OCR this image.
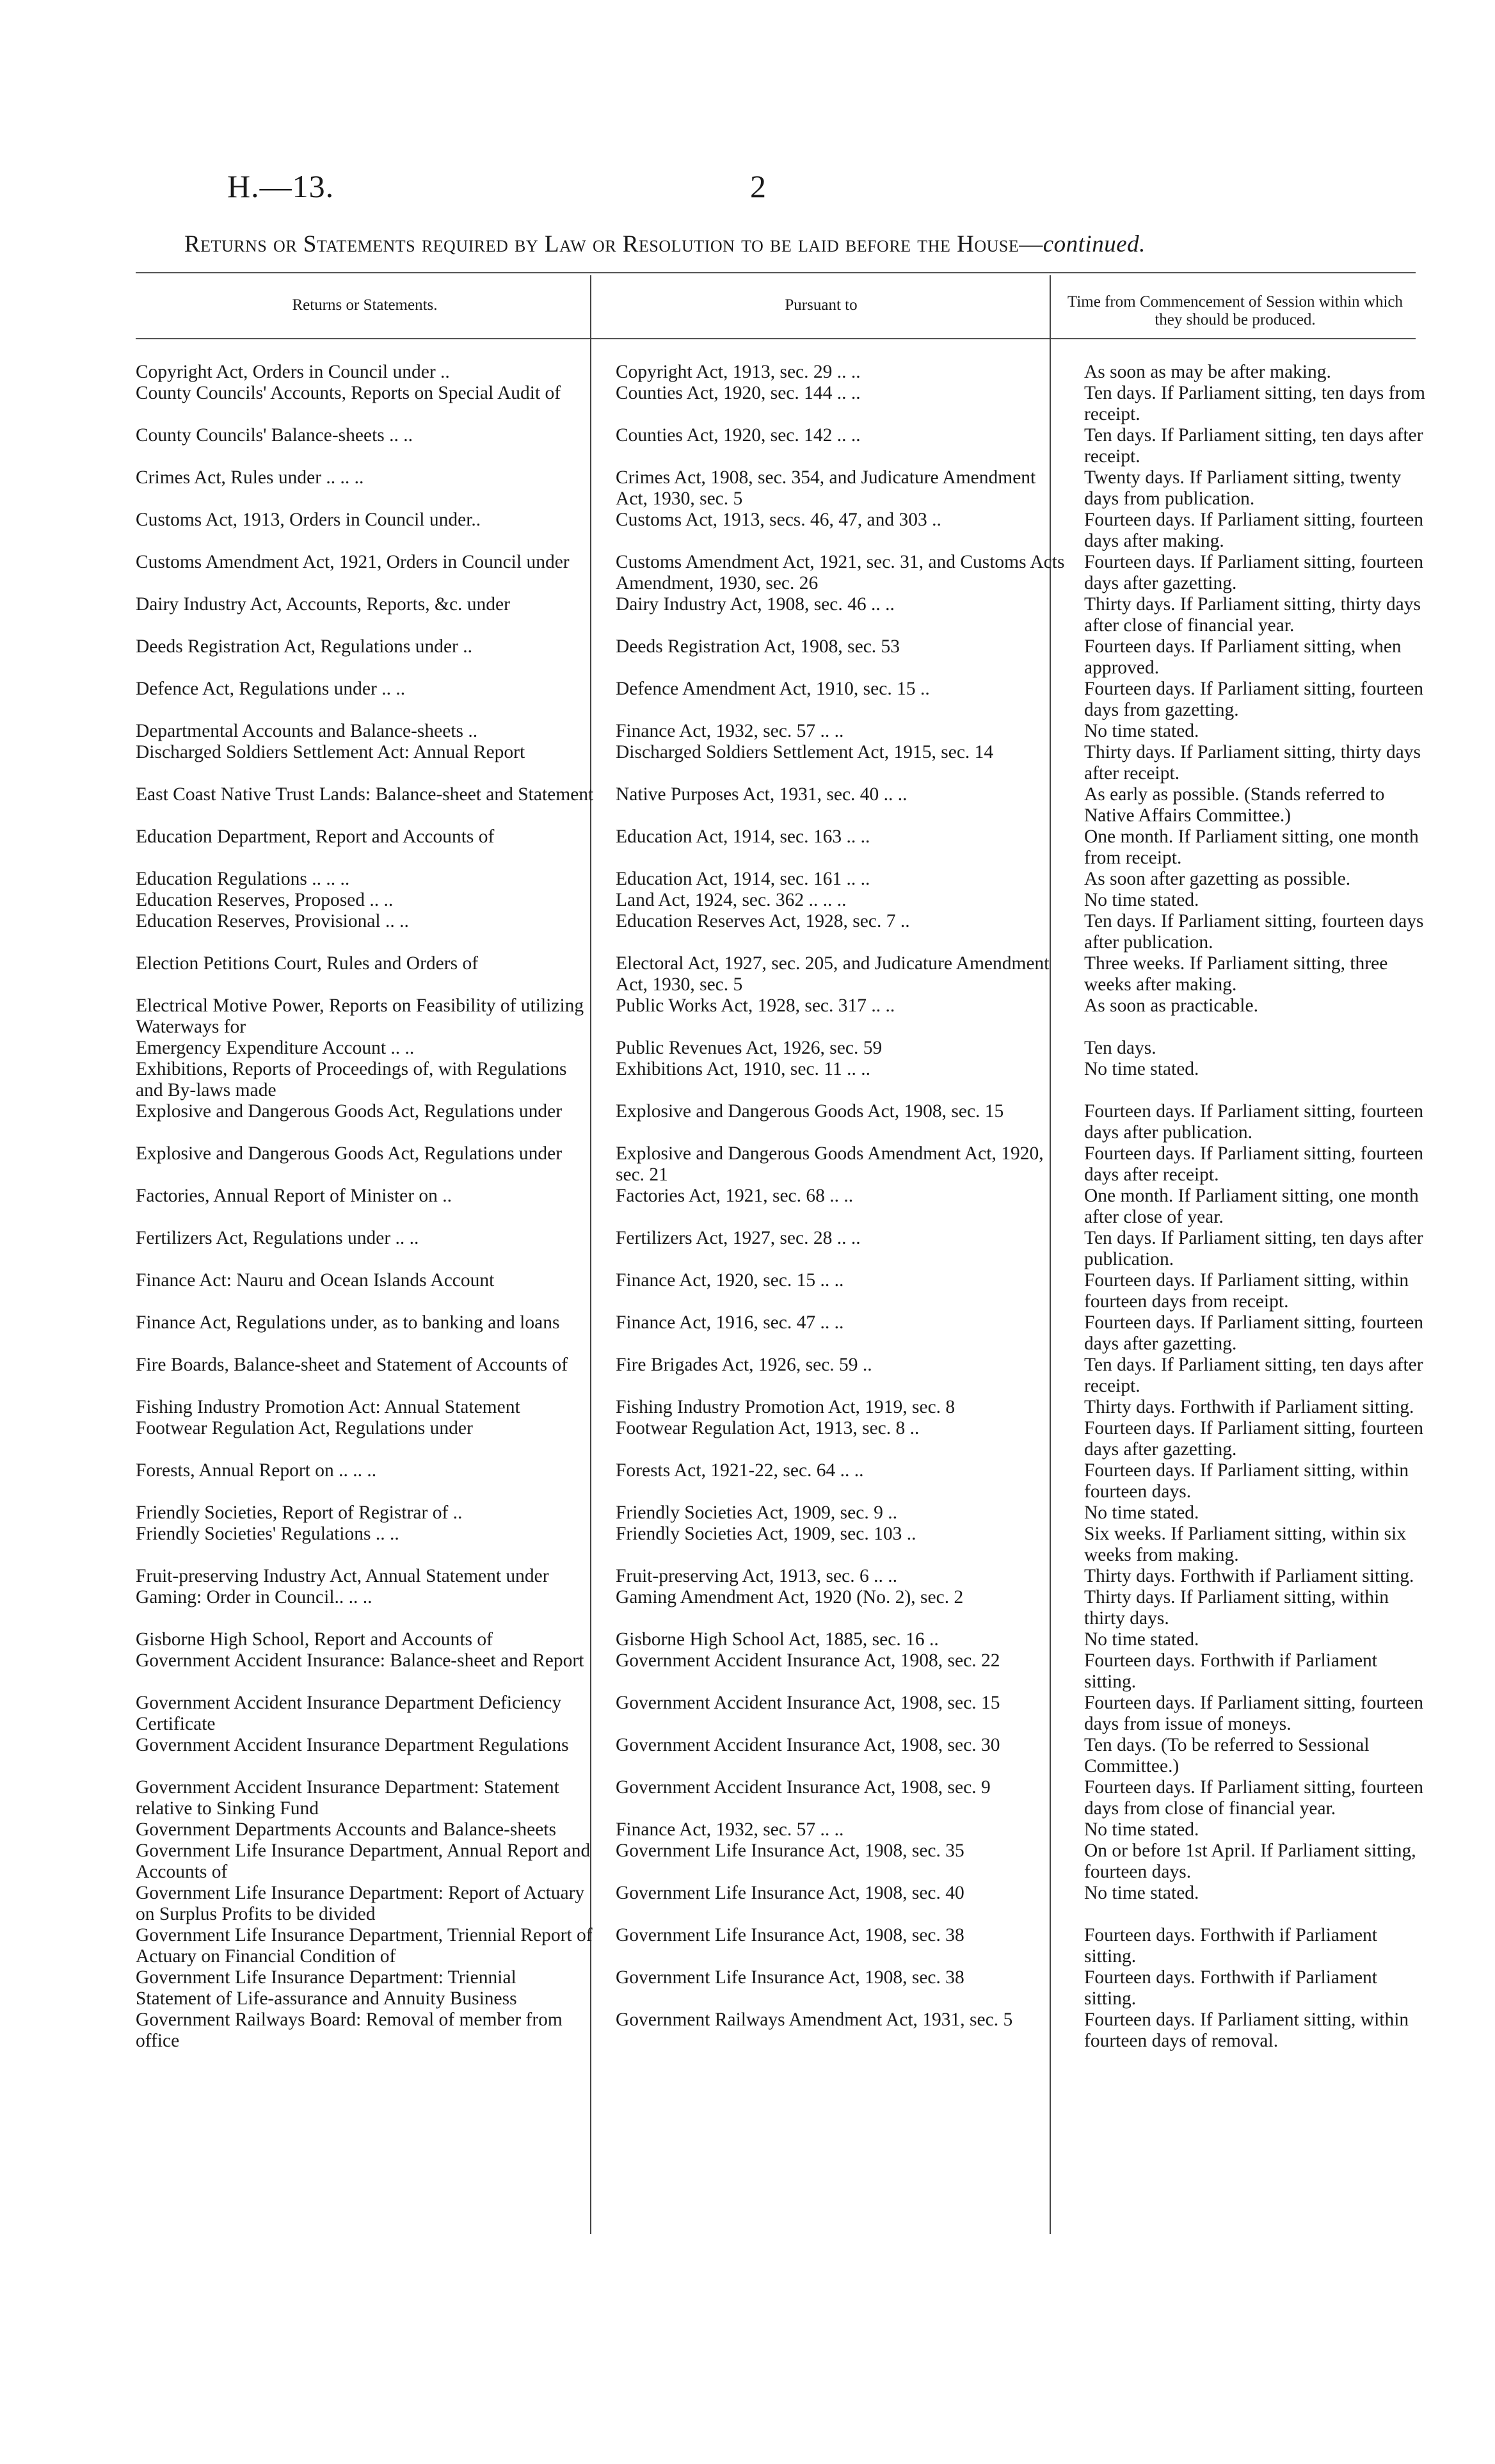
H.—13.	2
Returns or Statements required by Law or Resolution to be laid before the House—continued.
Returns or Statements.	Pursuant to	Time from Commencement of Session within which they should be produced.
Copyright Act, Orders in Council under ..	Copyright Act, 1913, sec. 29 .. ..	As soon as may be after making.

County Councils' Accounts, Reports on Special Audit of	Counties Act, 1920, sec. 144 .. ..	Ten days. If Parliament sitting, ten days from receipt.

County Councils' Balance-sheets .. ..	Counties Act, 1920, sec. 142 .. ..	Ten days. If Parliament sitting, ten days after receipt.

Crimes Act, Rules under .. .. ..	Crimes Act, 1908, sec. 354, and Judicature Amendment Act, 1930, sec. 5	Twenty days. If Parliament sitting, twenty days from publication.

Customs Act, 1913, Orders in Council under..	Customs Act, 1913, secs. 46, 47, and 303 ..	Fourteen days. If Parliament sitting, fourteen days after making.

Customs Amendment Act, 1921, Orders in Council under	Customs Amendment Act, 1921, sec. 31, and Customs Acts Amendment, 1930, sec. 26	Fourteen days. If Parliament sitting, fourteen days after gazetting.

Dairy Industry Act, Accounts, Reports, &c. under	Dairy Industry Act, 1908, sec. 46 .. ..	Thirty days. If Parliament sitting, thirty days after close of financial year.

Deeds Registration Act, Regulations under ..	Deeds Registration Act, 1908, sec. 53	Fourteen days. If Parliament sitting, when approved.

Defence Act, Regulations under .. ..	Defence Amendment Act, 1910, sec. 15 ..	Fourteen days. If Parliament sitting, fourteen days from gazetting.

Departmental Accounts and Balance-sheets ..	Finance Act, 1932, sec. 57 .. ..	No time stated.

Discharged Soldiers Settlement Act: Annual Report	Discharged Soldiers Settlement Act, 1915, sec. 14	Thirty days. If Parliament sitting, thirty days after receipt.

East Coast Native Trust Lands: Balance-sheet and Statement	Native Purposes Act, 1931, sec. 40 .. ..	As early as possible. (Stands referred to Native Affairs Committee.)

Education Department, Report and Accounts of	Education Act, 1914, sec. 163 .. ..	One month. If Parliament sitting, one month from receipt.

Education Regulations .. .. ..	Education Act, 1914, sec. 161 .. ..	As soon after gazetting as possible.

Education Reserves, Proposed .. ..	Land Act, 1924, sec. 362 .. .. ..	No time stated.

Education Reserves, Provisional .. ..	Education Reserves Act, 1928, sec. 7 ..	Ten days. If Parliament sitting, fourteen days after publication.

Election Petitions Court, Rules and Orders of	Electoral Act, 1927, sec. 205, and Judicature Amendment Act, 1930, sec. 5	Three weeks. If Parliament sitting, three weeks after making.

Electrical Motive Power, Reports on Feasibility of utilizing Waterways for	Public Works Act, 1928, sec. 317 .. ..	As soon as practicable.

Emergency Expenditure Account .. ..	Public Revenues Act, 1926, sec. 59	Ten days.

Exhibitions, Reports of Proceedings of, with Regulations and By-laws made	Exhibitions Act, 1910, sec. 11 .. ..	No time stated.

Explosive and Dangerous Goods Act, Regulations under	Explosive and Dangerous Goods Act, 1908, sec. 15	Fourteen days. If Parliament sitting, fourteen days after publication.

Explosive and Dangerous Goods Act, Regulations under	Explosive and Dangerous Goods Amendment Act, 1920, sec. 21	Fourteen days. If Parliament sitting, fourteen days after receipt.

Factories, Annual Report of Minister on ..	Factories Act, 1921, sec. 68 .. ..	One month. If Parliament sitting, one month after close of year.

Fertilizers Act, Regulations under .. ..	Fertilizers Act, 1927, sec. 28 .. ..	Ten days. If Parliament sitting, ten days after publication.

Finance Act: Nauru and Ocean Islands Account	Finance Act, 1920, sec. 15 .. ..	Fourteen days. If Parliament sitting, within fourteen days from receipt.

Finance Act, Regulations under, as to banking and loans	Finance Act, 1916, sec. 47 .. ..	Fourteen days. If Parliament sitting, fourteen days after gazetting.

Fire Boards, Balance-sheet and Statement of Accounts of	Fire Brigades Act, 1926, sec. 59 ..	Ten days. If Parliament sitting, ten days after receipt.

Fishing Industry Promotion Act: Annual Statement	Fishing Industry Promotion Act, 1919, sec. 8	Thirty days. Forthwith if Parliament sitting.

Footwear Regulation Act, Regulations under	Footwear Regulation Act, 1913, sec. 8 ..	Fourteen days. If Parliament sitting, fourteen days after gazetting.

Forests, Annual Report on .. .. ..	Forests Act, 1921-22, sec. 64 .. ..	Fourteen days. If Parliament sitting, within fourteen days.

Friendly Societies, Report of Registrar of ..	Friendly Societies Act, 1909, sec. 9 ..	No time stated.

Friendly Societies' Regulations .. ..	Friendly Societies Act, 1909, sec. 103 ..	Six weeks. If Parliament sitting, within six weeks from making.

Fruit-preserving Industry Act, Annual Statement under	Fruit-preserving Act, 1913, sec. 6 .. ..	Thirty days. Forthwith if Parliament sitting.

Gaming: Order in Council.. .. ..	Gaming Amendment Act, 1920 (No. 2), sec. 2	Thirty days. If Parliament sitting, within thirty days.

Gisborne High School, Report and Accounts of	Gisborne High School Act, 1885, sec. 16 ..	No time stated.

Government Accident Insurance: Balance-sheet and Report	Government Accident Insurance Act, 1908, sec. 22	Fourteen days. Forthwith if Parliament sitting.

Government Accident Insurance Department Deficiency Certificate	Government Accident Insurance Act, 1908, sec. 15	Fourteen days. If Parliament sitting, fourteen days from issue of moneys.

Government Accident Insurance Department Regulations	Government Accident Insurance Act, 1908, sec. 30	Ten days. (To be referred to Sessional Committee.)

Government Accident Insurance Department: Statement relative to Sinking Fund	Government Accident Insurance Act, 1908, sec. 9	Fourteen days. If Parliament sitting, fourteen days from close of financial year.

Government Departments Accounts and Balance-sheets	Finance Act, 1932, sec. 57 .. ..	No time stated.

Government Life Insurance Department, Annual Report and Accounts of	Government Life Insurance Act, 1908, sec. 35	On or before 1st April. If Parliament sitting, fourteen days.

Government Life Insurance Department: Report of Actuary on Surplus Profits to be divided	Government Life Insurance Act, 1908, sec. 40	No time stated.

Government Life Insurance Department, Triennial Report of Actuary on Financial Condition of	Government Life Insurance Act, 1908, sec. 38	Fourteen days. Forthwith if Parliament sitting.

Government Life Insurance Department: Triennial Statement of Life-assurance and Annuity Business	Government Life Insurance Act, 1908, sec. 38	Fourteen days. Forthwith if Parliament sitting.

Government Railways Board: Removal of member from office	Government Railways Amendment Act, 1931, sec. 5	Fourteen days. If Parliament sitting, within fourteen days of removal.
